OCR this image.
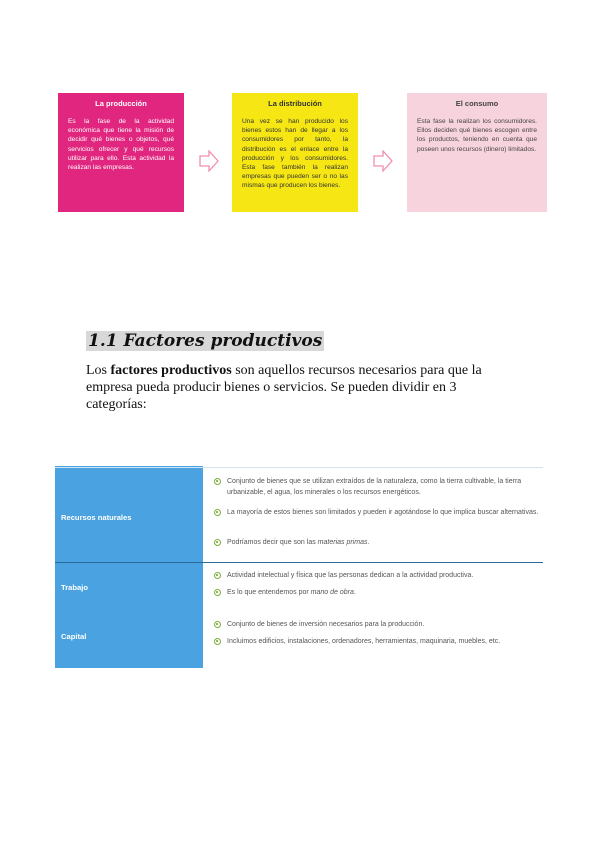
La producción
Es la fase de la actividad económica que tiene la misión de decidir qué bienes o objetos, qué servicios ofrecer y qué recursos utilizar para ello. Esta actividad la realizan las empresas.
La distribución
Una vez se han producido los bienes estos han de llegar a los consumidores por tanto, la distribución es el enlace entre la producción y los consumidores. Esta fase también la realizan empresas que pueden ser o no las mismas que producen los bienes.
El consumo
Esta fase la realizan los consumidores. Ellos deciden qué bienes escogen entre los productos, teniendo en cuenta que poseen unos recursos (dinero) limitados.
1.1 Factores productivos
Los factores productivos son aquellos recursos necesarios para que la empresa pueda producir bienes o servicios. Se pueden dividir en 3 categorías:
Recursos naturales
Trabajo
Capital
Conjunto de bienes que se utilizan extraídos de la naturaleza, como la tierra cultivable, la tierra urbanizable, el agua, los minerales o los recursos energéticos.
La mayoría de estos bienes son limitados y pueden ir agotándose lo que implica buscar alternativas.
Podríamos decir que son las materias primas.
Actividad intelectual y física que las personas dedican a la actividad productiva.
Es lo que entendemos por mano de obra.
Conjunto de bienes de inversión necesarios para la producción.
Incluimos edificios, instalaciones, ordenadores, herramientas, maquinaria, muebles, etc.
